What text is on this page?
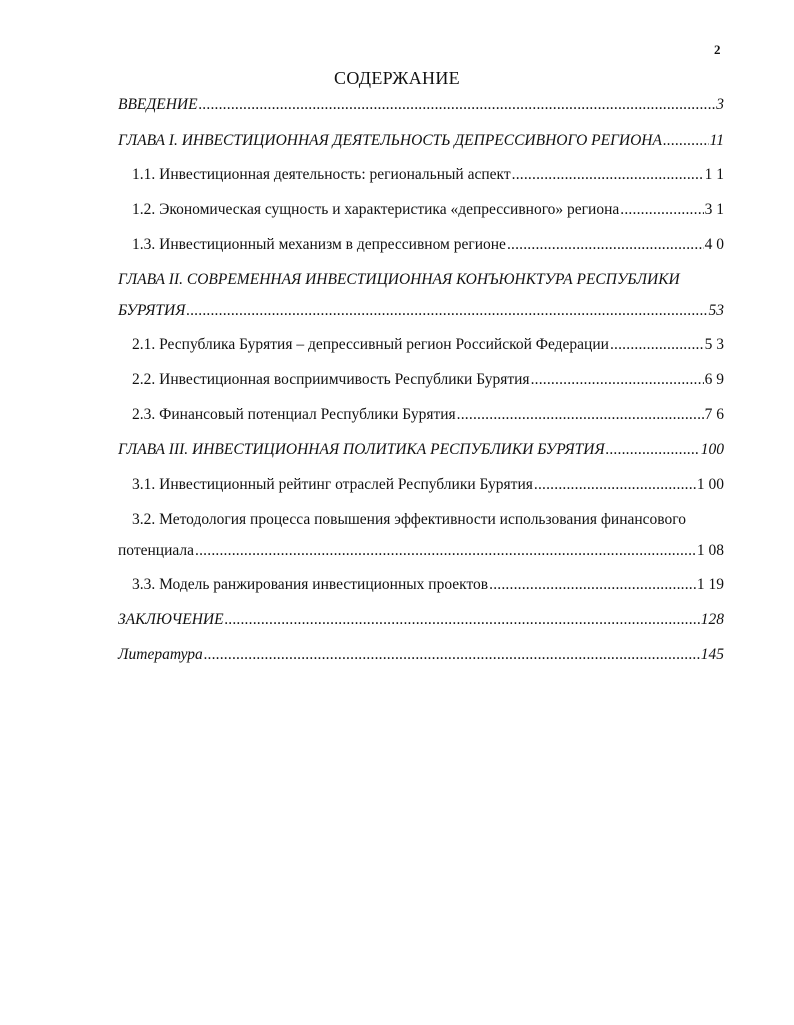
2
СОДЕРЖАНИЕ
ВВЕДЕНИЕ .....	3
ГЛАВА I. ИНВЕСТИЦИОННАЯ ДЕЯТЕЛЬНОСТЬ ДЕПРЕССИВНОГО РЕГИОНА .....	11
1.1. Инвестиционная деятельность: региональный аспект .....	1 1
1.2. Экономическая сущность и характеристика «депрессивного» региона .....	3 1
1.3. Инвестиционный механизм в депрессивном регионе .....	4 0
ГЛАВА II. СОВРЕМЕННАЯ ИНВЕСТИЦИОННАЯ КОНЪЮНКТУРА РЕСПУБЛИКИ
БУРЯТИЯ .....	53
2.1. Республика Бурятия – депрессивный регион Российской Федерации .....	5 3
2.2. Инвестиционная восприимчивость Республики Бурятия .....	6 9
2.3. Финансовый потенциал Республики Бурятия .....	7 6
ГЛАВА III. ИНВЕСТИЦИОННАЯ ПОЛИТИКА РЕСПУБЛИКИ БУРЯТИЯ .....	100
3.1. Инвестиционный рейтинг отраслей Республики Бурятия .....	1 00
3.2. Методология процесса повышения эффективности использования финансового
потенциала .....	1 08
3.3. Модель ранжирования инвестиционных проектов .....	1 19
ЗАКЛЮЧЕНИЕ .....	128
Литература .....	145
